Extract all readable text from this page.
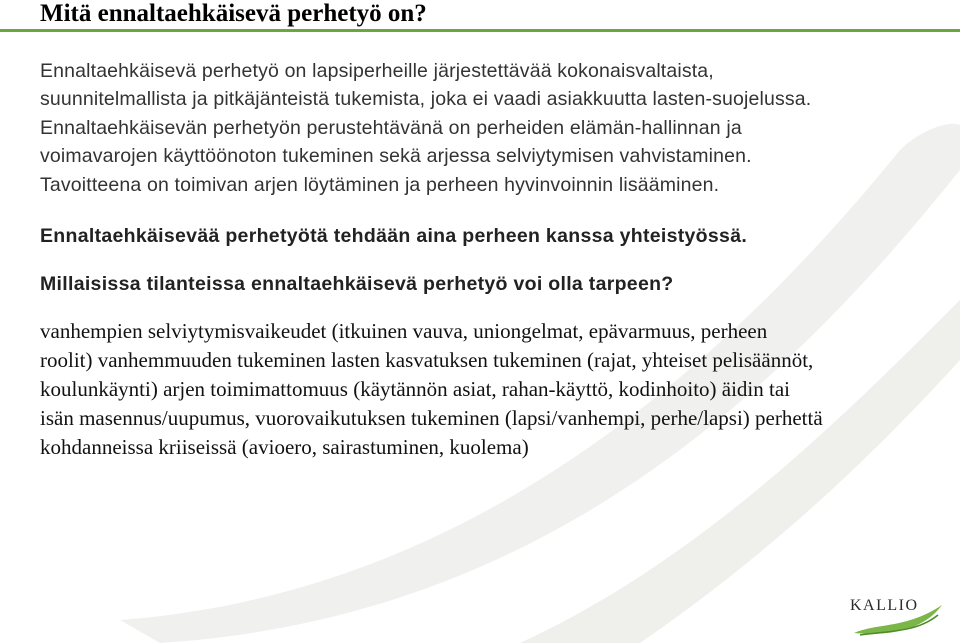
Mitä ennaltaehkäisevä perhetyö on?

Ennaltaehkäisevä perhetyö on lapsiperheille järjestettävää kokonaisvaltaista,

suunnitelmallista ja pitkäjänteistä tukemista, joka ei vaadi asiakkuutta lasten-suojelussa.

Ennaltaehkäisevän perhetyön perustehtävänä on perheiden elämän-hallinnan ja

voimavarojen käyttöönoton tukeminen sekä arjessa selviytymisen vahvistaminen.

Tavoitteena on toimivan arjen löytäminen ja perheen hyvinvoinnin lisääminen.

Ennaltaehkäisevää perhetyötä tehdään aina perheen kanssa yhteistyössä.

Millaisissa tilanteissa ennaltaehkäisevä perhetyö voi olla tarpeen?

vanhempien selviytymisvaikeudet (itkuinen vauva, uniongelmat, epävarmuus, perheen

roolit) vanhemmuuden tukeminen lasten kasvatuksen tukeminen (rajat, yhteiset pelisäännöt,

koulunkäynti) arjen toimimattomuus (käytännön asiat, rahan-käyttö, kodinhoito) äidin tai

isän masennus/uupumus, vuorovaikutuksen tukeminen (lapsi/vanhempi, perhe/lapsi) perhettä

kohdanneissa kriiseissä (avioero, sairastuminen, kuolema)

KALLIO
